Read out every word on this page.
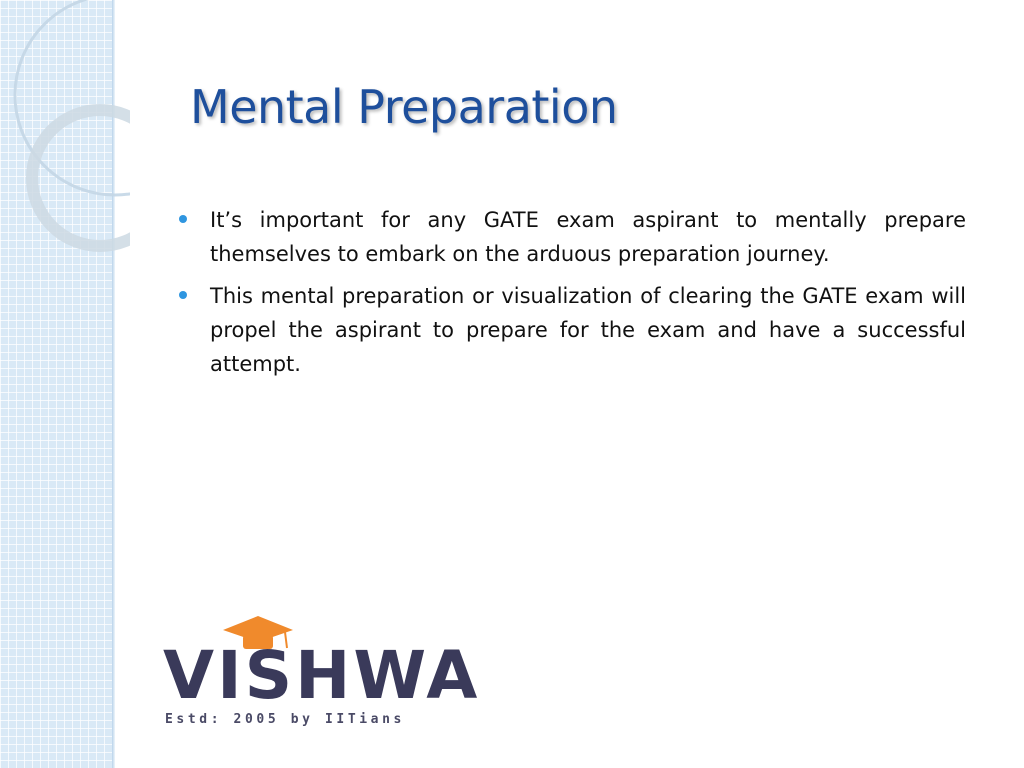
Mental Preparation
It’s important for any GATE exam aspirant to mentally prepare themselves to embark on the arduous preparation journey.
This mental preparation or visualization of clearing the GATE exam will propel the aspirant to prepare for the exam and have a successful attempt.
VISHWA
Estd: 2005 by IITians
